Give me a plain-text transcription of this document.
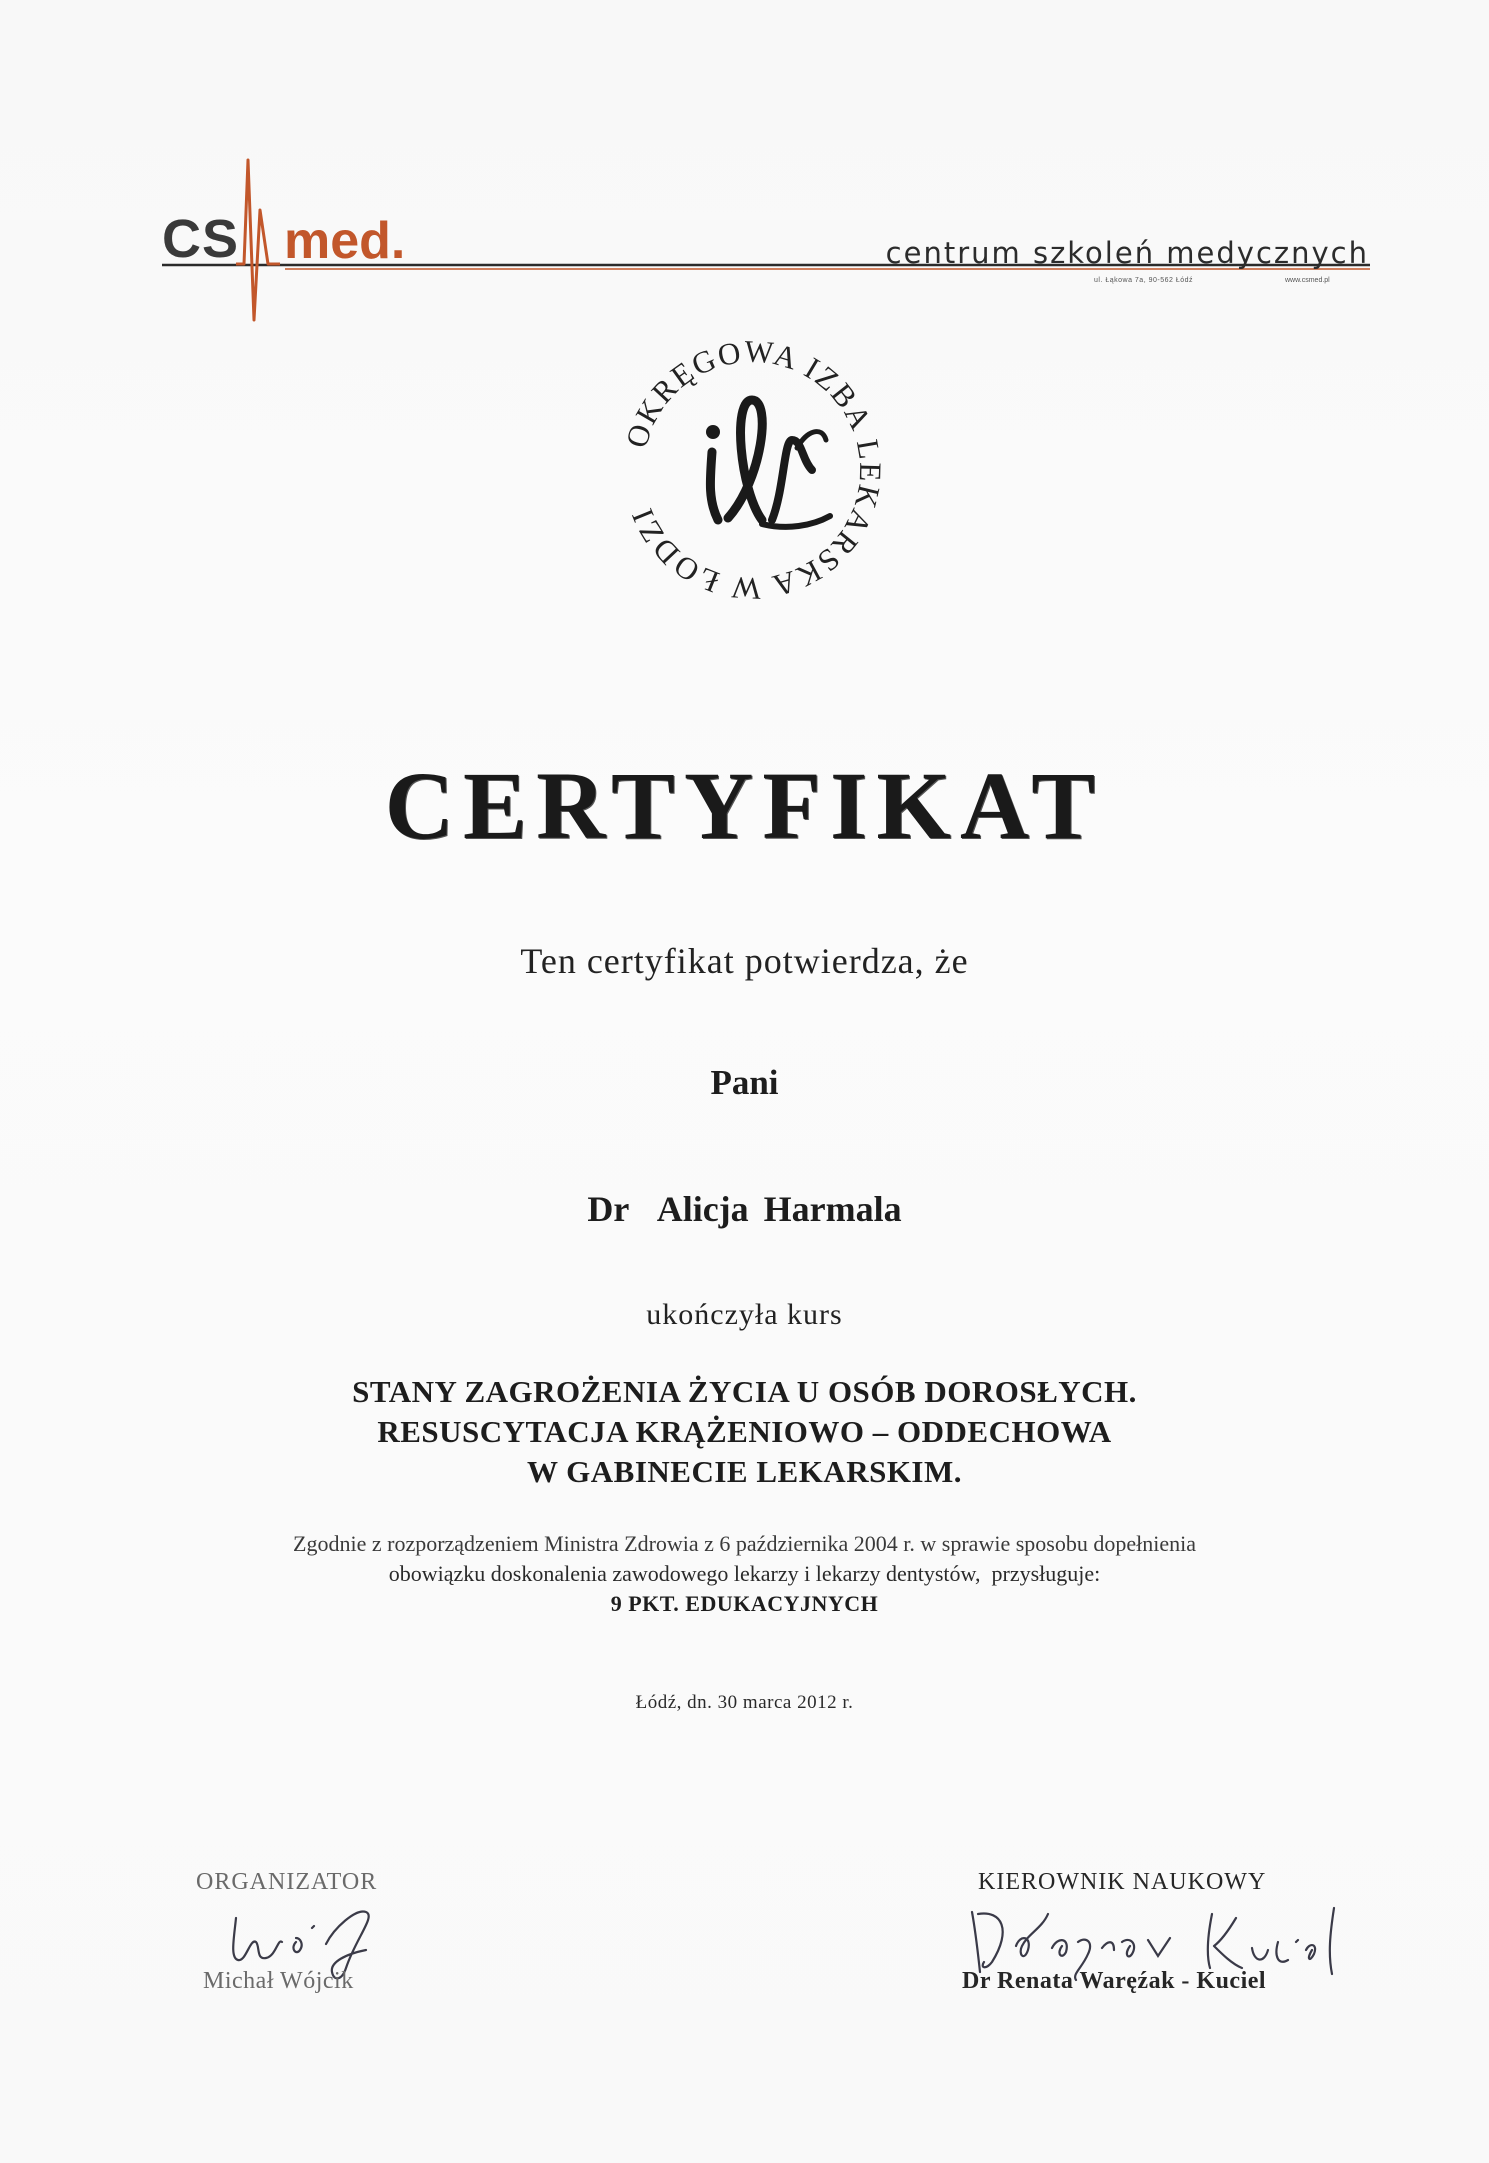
CS med.	centrum szkoleń medycznych
ul. Łąkowa 7a, 90-562 Łódź	www.csmed.pl
OKRĘGOWA IZBA LEKARSKA W ŁODZI
CERTYFIKAT
Ten certyfikat potwierdza, że
Pani
Dr  Alicja Harmala
ukończyła kurs
STANY ZAGROŻENIA ŻYCIA U OSÓB DOROSŁYCH.
RESUSCYTACJA KRĄŻENIOWO – ODDECHOWA
W GABINECIE LEKARSKIM.
Zgodnie z rozporządzeniem Ministra Zdrowia z 6 października 2004 r. w sprawie sposobu dopełnienia
obowiązku doskonalenia zawodowego lekarzy i lekarzy dentystów,  przysługuje:
9 PKT. EDUKACYJNYCH
Łódź, dn. 30 marca 2012 r.
ORGANIZATOR
Michał Wójcik
KIEROWNIK NAUKOWY
Dr Renata Waręźak - Kuciel
